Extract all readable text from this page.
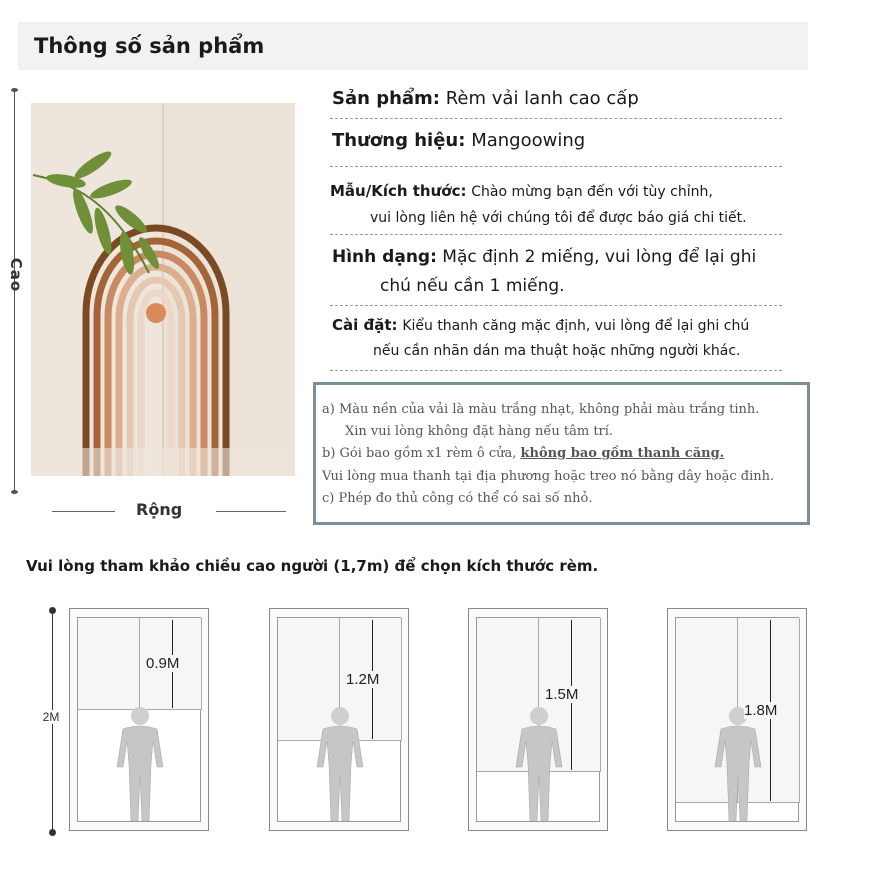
Thông số sản phẩm
Cao
Rộng
Sản phẩm: Rèm vải lanh cao cấp
Thương hiệu: Mangoowing
Mẫu/Kích thước: Chào mừng bạn đến với tùy chỉnh,
vui lòng liên hệ với chúng tôi để được báo giá chi tiết.
Hình dạng: Mặc định 2 miếng, vui lòng để lại ghi
chú nếu cần 1 miếng.
Cài đặt: Kiểu thanh căng mặc định, vui lòng để lại ghi chú
nếu cần nhãn dán ma thuật hoặc những người khác.
a) Màu nền của vải là màu trắng nhạt, không phải màu trắng tinh.
Xin vui lòng không đặt hàng nếu tâm trí.
b) Gói bao gồm x1 rèm ô cửa, không bao gồm thanh căng.
Vui lòng mua thanh tại địa phương hoặc treo nó bằng dây hoặc đinh.
c) Phép đo thủ công có thể có sai số nhỏ.
Vui lòng tham khảo chiều cao người (1,7m) để chọn kích thước rèm.
2M
0.9M
1.2M
1.5M
1.8M
